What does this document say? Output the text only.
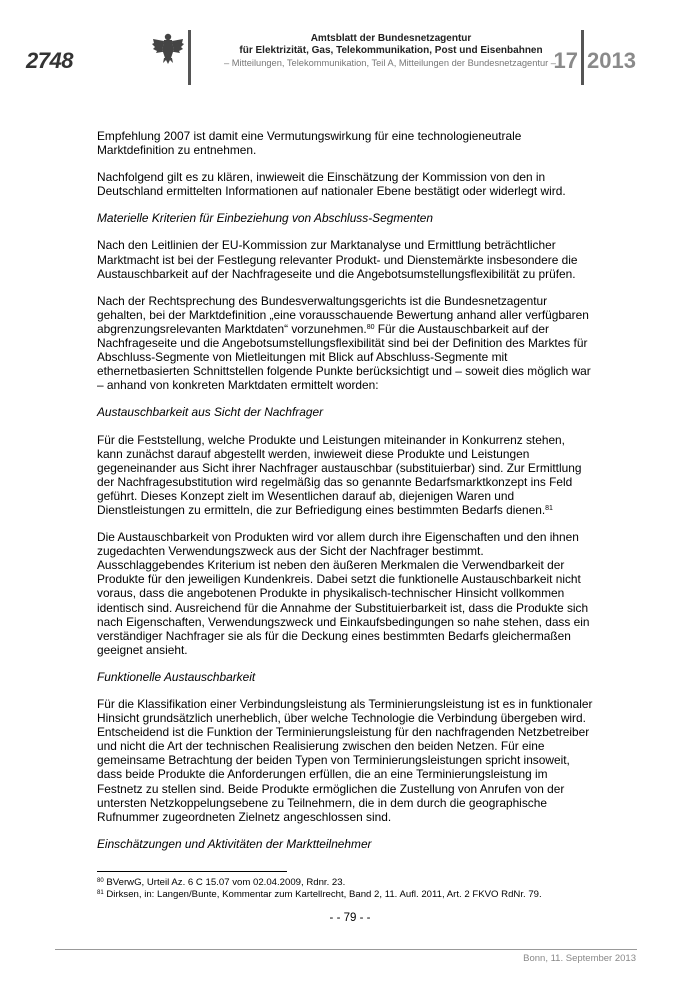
2748
Amtsblatt der Bundesnetzagentur
für Elektrizität, Gas, Telekommunikation, Post und Eisenbahnen
– Mitteilungen, Telekommunikation, Teil A, Mitteilungen der Bundesnetzagentur –
17 2013

Empfehlung 2007 ist damit eine Vermutungswirkung für eine technologieneutrale Marktdefinition zu entnehmen.

Nachfolgend gilt es zu klären, inwieweit die Einschätzung der Kommission von den in Deutschland ermittelten Informationen auf nationaler Ebene bestätigt oder widerlegt wird.

Materielle Kriterien für Einbeziehung von Abschluss-Segmenten

Nach den Leitlinien der EU-Kommission zur Marktanalyse und Ermittlung beträchtlicher Marktmacht ist bei der Festlegung relevanter Produkt- und Dienstemärkte insbesondere die Austauschbarkeit auf der Nachfrageseite und die Angebotsumstellungsflexibilität zu prüfen.

Nach der Rechtsprechung des Bundesverwaltungsgerichts ist die Bundesnetzagentur gehalten, bei der Marktdefinition „eine vorausschauende Bewertung anhand aller verfügbaren abgrenzungsrelevanten Marktdaten“ vorzunehmen.$^{80}$ Für die Austauschbarkeit auf der Nachfrageseite und die Angebotsumstellungsflexibilität sind bei der Definition des Marktes für Abschluss-Segmente von Mietleitungen mit Blick auf Abschluss-Segmente mit ethernetbasierten Schnittstellen folgende Punkte berücksichtigt und – soweit dies möglich war – anhand von konkreten Marktdaten ermittelt worden:

Austauschbarkeit aus Sicht der Nachfrager

Für die Feststellung, welche Produkte und Leistungen miteinander in Konkurrenz stehen, kann zunächst darauf abgestellt werden, inwieweit diese Produkte und Leistungen gegeneinander aus Sicht ihrer Nachfrager austauschbar (substituierbar) sind. Zur Ermittlung der Nachfragesubstitution wird regelmäßig das so genannte Bedarfsmarktkonzept ins Feld geführt. Dieses Konzept zielt im Wesentlichen darauf ab, diejenigen Waren und Dienstleistungen zu ermitteln, die zur Befriedigung eines bestimmten Bedarfs dienen.$^{81}$

Die Austauschbarkeit von Produkten wird vor allem durch ihre Eigenschaften und den ihnen zugedachten Verwendungszweck aus der Sicht der Nachfrager bestimmt. Ausschlaggebendes Kriterium ist neben den äußeren Merkmalen die Verwendbarkeit der Produkte für den jeweiligen Kundenkreis. Dabei setzt die funktionelle Austauschbarkeit nicht voraus, dass die angebotenen Produkte in physikalisch-technischer Hinsicht vollkommen identisch sind. Ausreichend für die Annahme der Substituierbarkeit ist, dass die Produkte sich nach Eigenschaften, Verwendungszweck und Einkaufsbedingungen so nahe stehen, dass ein verständiger Nachfrager sie als für die Deckung eines bestimmten Bedarfs gleichermaßen geeignet ansieht.

Funktionelle Austauschbarkeit

Für die Klassifikation einer Verbindungsleistung als Terminierungsleistung ist es in funktionaler Hinsicht grundsätzlich unerheblich, über welche Technologie die Verbindung übergeben wird. Entscheidend ist die Funktion der Terminierungsleistung für den nachfragenden Netzbetreiber und nicht die Art der technischen Realisierung zwischen den beiden Netzen. Für eine gemeinsame Betrachtung der beiden Typen von Terminierungsleistungen spricht insoweit, dass beide Produkte die Anforderungen erfüllen, die an eine Terminierungsleistung im Festnetz zu stellen sind. Beide Produkte ermöglichen die Zustellung von Anrufen von der untersten Netzkoppelungsebene zu Teilnehmern, die in dem durch die geographische Rufnummer zugeordneten Zielnetz angeschlossen sind.

Einschätzungen und Aktivitäten der Marktteilnehmer

$^{80}$ BVerwG, Urteil Az. 6 C 15.07 vom 02.04.2009, Rdnr. 23.
$^{81}$ Dirksen, in: Langen/Bunte, Kommentar zum Kartellrecht, Band 2, 11. Aufl. 2011, Art. 2 FKVO RdNr. 79.
- - 79 - -
Bonn, 11. September 2013
